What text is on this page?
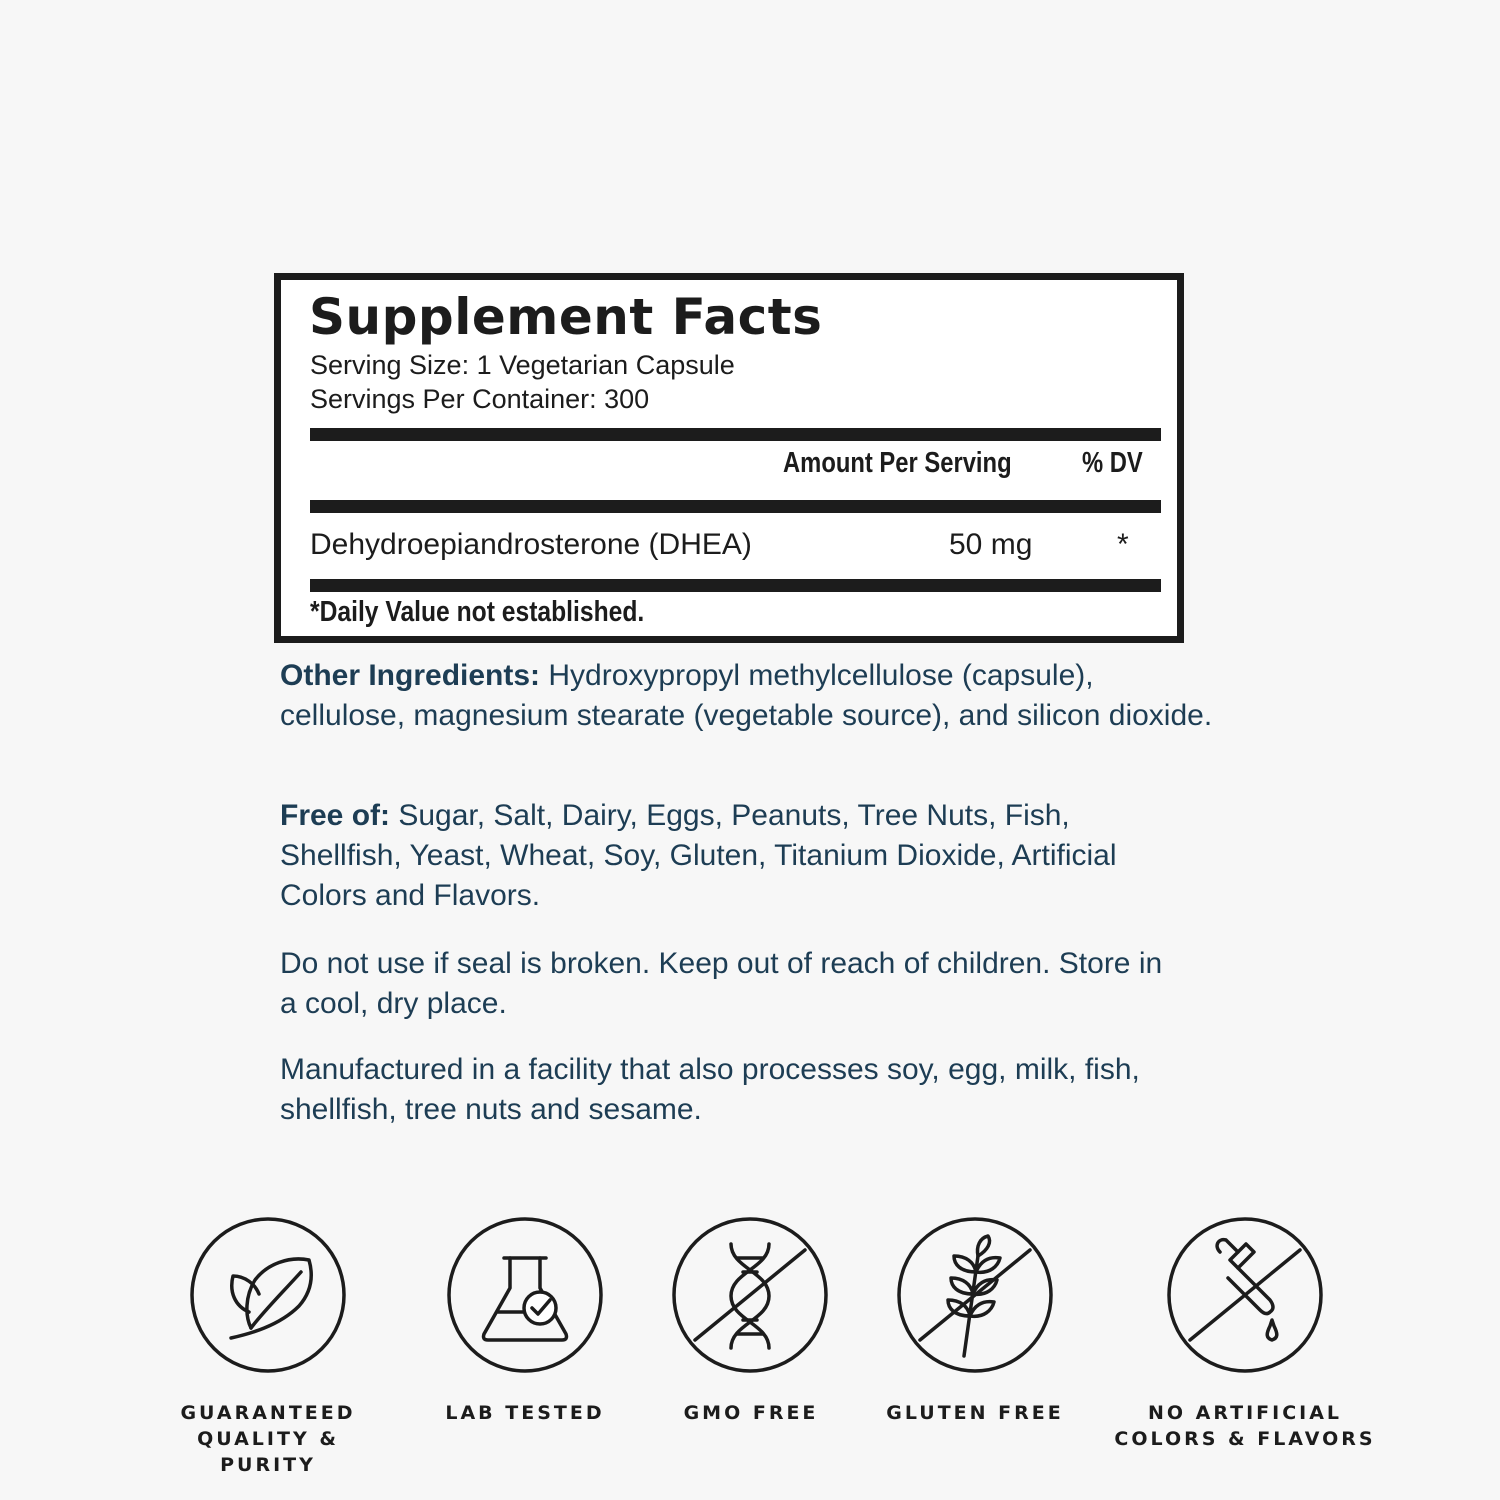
Supplement Facts
Serving Size: 1 Vegetarian Capsule
Servings Per Container: 300
Amount Per Serving % DV
Dehydroepiandrosterone (DHEA)	50 mg	*
*Daily Value not established.
Other Ingredients: Hydroxypropyl methylcellulose (capsule), cellulose, magnesium stearate (vegetable source), and silicon dioxide.
Free of: Sugar, Salt, Dairy, Eggs, Peanuts, Tree Nuts, Fish, Shellfish, Yeast, Wheat, Soy, Gluten, Titanium Dioxide, Artificial Colors and Flavors.
Do not use if seal is broken. Keep out of reach of children. Store in a cool, dry place.
Manufactured in a facility that also processes soy, egg, milk, fish, shellfish, tree nuts and sesame.
GUARANTEED
QUALITY & PURITY
LAB TESTED	GMO FREE	GLUTEN FREE	NO ARTIFICIAL
COLORS & FLAVORS
